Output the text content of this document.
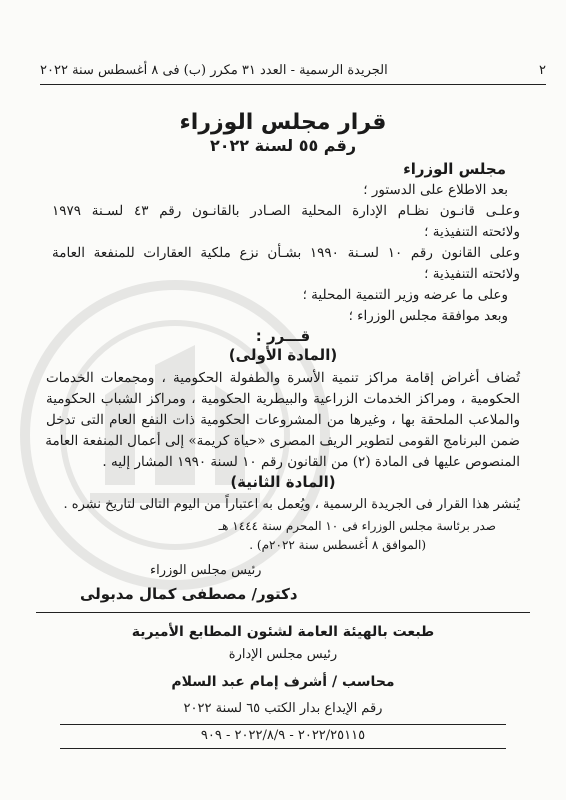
٢
الجريدة الرسمية - العدد ٣١ مكرر (ب) فى ٨ أغسطس سنة ٢٠٢٢
قرار مجلس الوزراء
رقم ٥٥ لسنة ٢٠٢٢
مجلس الوزراء
بعد الاطلاع على الدستور ؛
وعلـى قانـون نظـام الإدارة المحلية الصـادر بالقانـون رقم ٤٣ لسـنة ١٩٧٩
ولائحته التنفيذية ؛
وعلى القانون رقم ١٠ لسـنة ١٩٩٠ بشـأن نزع ملكية العقارات للمنفعة العامة
ولائحته التنفيذية ؛
وعلى ما عرضه وزير التنمية المحلية ؛
وبعد موافقة مجلس الوزراء ؛
قـــرر :
(المادة الأولى)
تُضاف أغراض إقامة مراكز تنمية الأسرة والطفولة الحكومية ، ومجمعات الخدمات
الحكومية ، ومراكز الخدمات الزراعية والبيطرية الحكومية ، ومراكز الشباب الحكومية
والملاعب الملحقة بها ، وغيرها من المشروعات الحكومية ذات النفع العام التى تدخل
ضمن البرنامج القومى لتطوير الريف المصرى «حياة كريمة» إلى أعمال المنفعة العامة
المنصوص عليها فى المادة (٢) من القانون رقم ١٠ لسنة ١٩٩٠ المشار إليه .
(المادة الثانية)
يُنشر هذا القرار فى الجريدة الرسمية ، ويُعمل به اعتباراً من اليوم التالى لتاريخ نشره .
صدر برئاسة مجلس الوزراء فى ١٠ المحرم سنة ١٤٤٤ هـ
(الموافق ٨ أغسطس سنة ٢٠٢٢م) .
رئيس مجلس الوزراء
دكتور/ مصطفى كمال مدبولى
طبعت بالهيئة العامة لشئون المطابع الأميرية
رئيس مجلس الإدارة
محاسب / أشرف إمام عبد السلام
رقم الإيداع بدار الكتب ٦٥ لسنة ٢٠٢٢
٢٠٢٢/٢٥١١٥ - ٢٠٢٢/٨/٩ - ٩٠٩
